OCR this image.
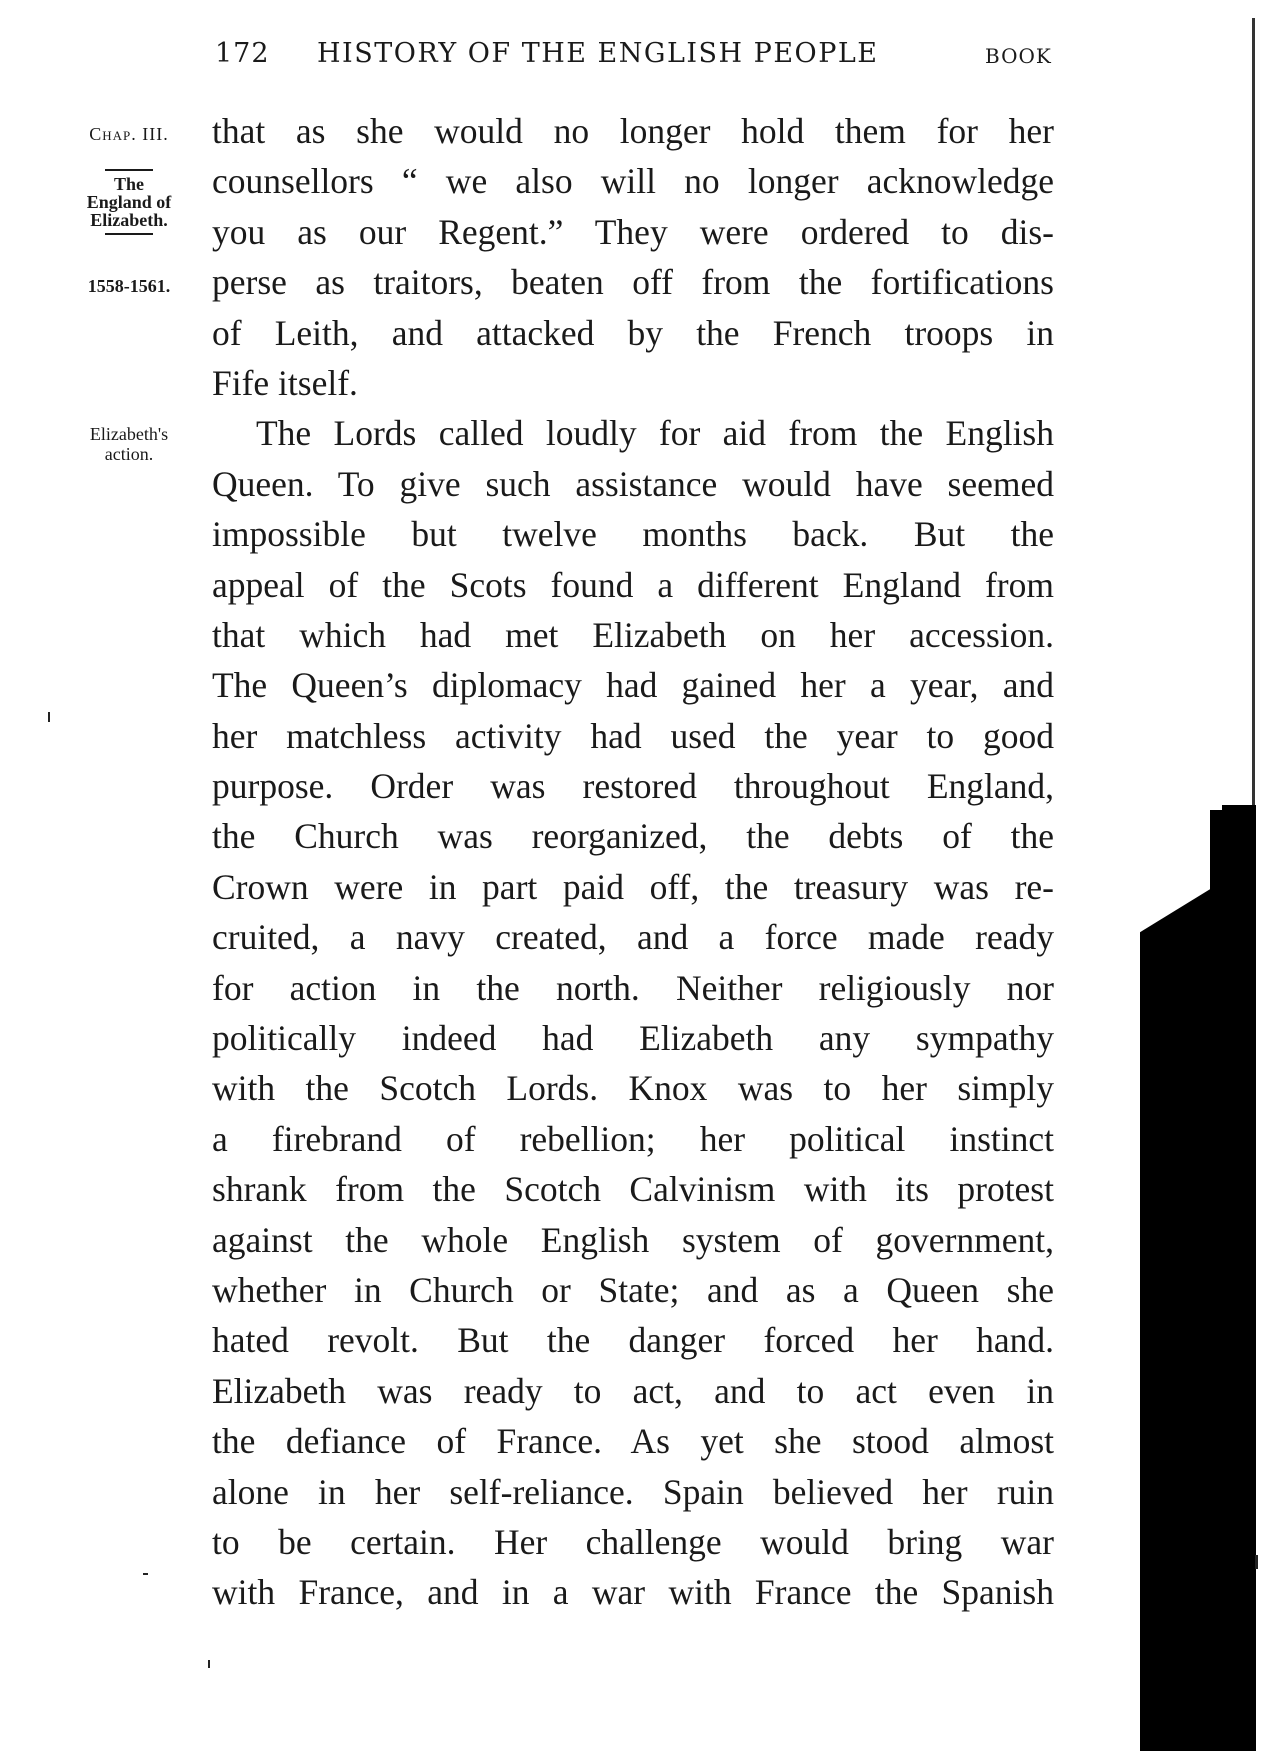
172 HISTORY OF THE ENGLISH PEOPLE	BOOK
Chap. III.
The
England of
Elizabeth.
1558-1561.
Elizabeth's
action.
that as she would no longer hold them for her
counsellors “ we also will no longer acknowledge
you as our Regent.” They were ordered to dis-
perse as traitors, beaten off from the fortifications
of Leith, and attacked by the French troops in
Fife itself.
The Lords called loudly for aid from the English
Queen. To give such assistance would have seemed
impossible but twelve months back. But the
appeal of the Scots found a different England from
that which had met Elizabeth on her accession.
The Queen’s diplomacy had gained her a year, and
her matchless activity had used the year to good
purpose. Order was restored throughout England,
the Church was reorganized, the debts of the
Crown were in part paid off, the treasury was re-
cruited, a navy created, and a force made ready
for action in the north. Neither religiously nor
politically indeed had Elizabeth any sympathy
with the Scotch Lords. Knox was to her simply
a firebrand of rebellion; her political instinct
shrank from the Scotch Calvinism with its protest
against the whole English system of government,
whether in Church or State; and as a Queen she
hated revolt. But the danger forced her hand.
Elizabeth was ready to act, and to act even in
the defiance of France. As yet she stood almost
alone in her self-reliance. Spain believed her ruin
to be certain. Her challenge would bring war
with France, and in a war with France the Spanish
